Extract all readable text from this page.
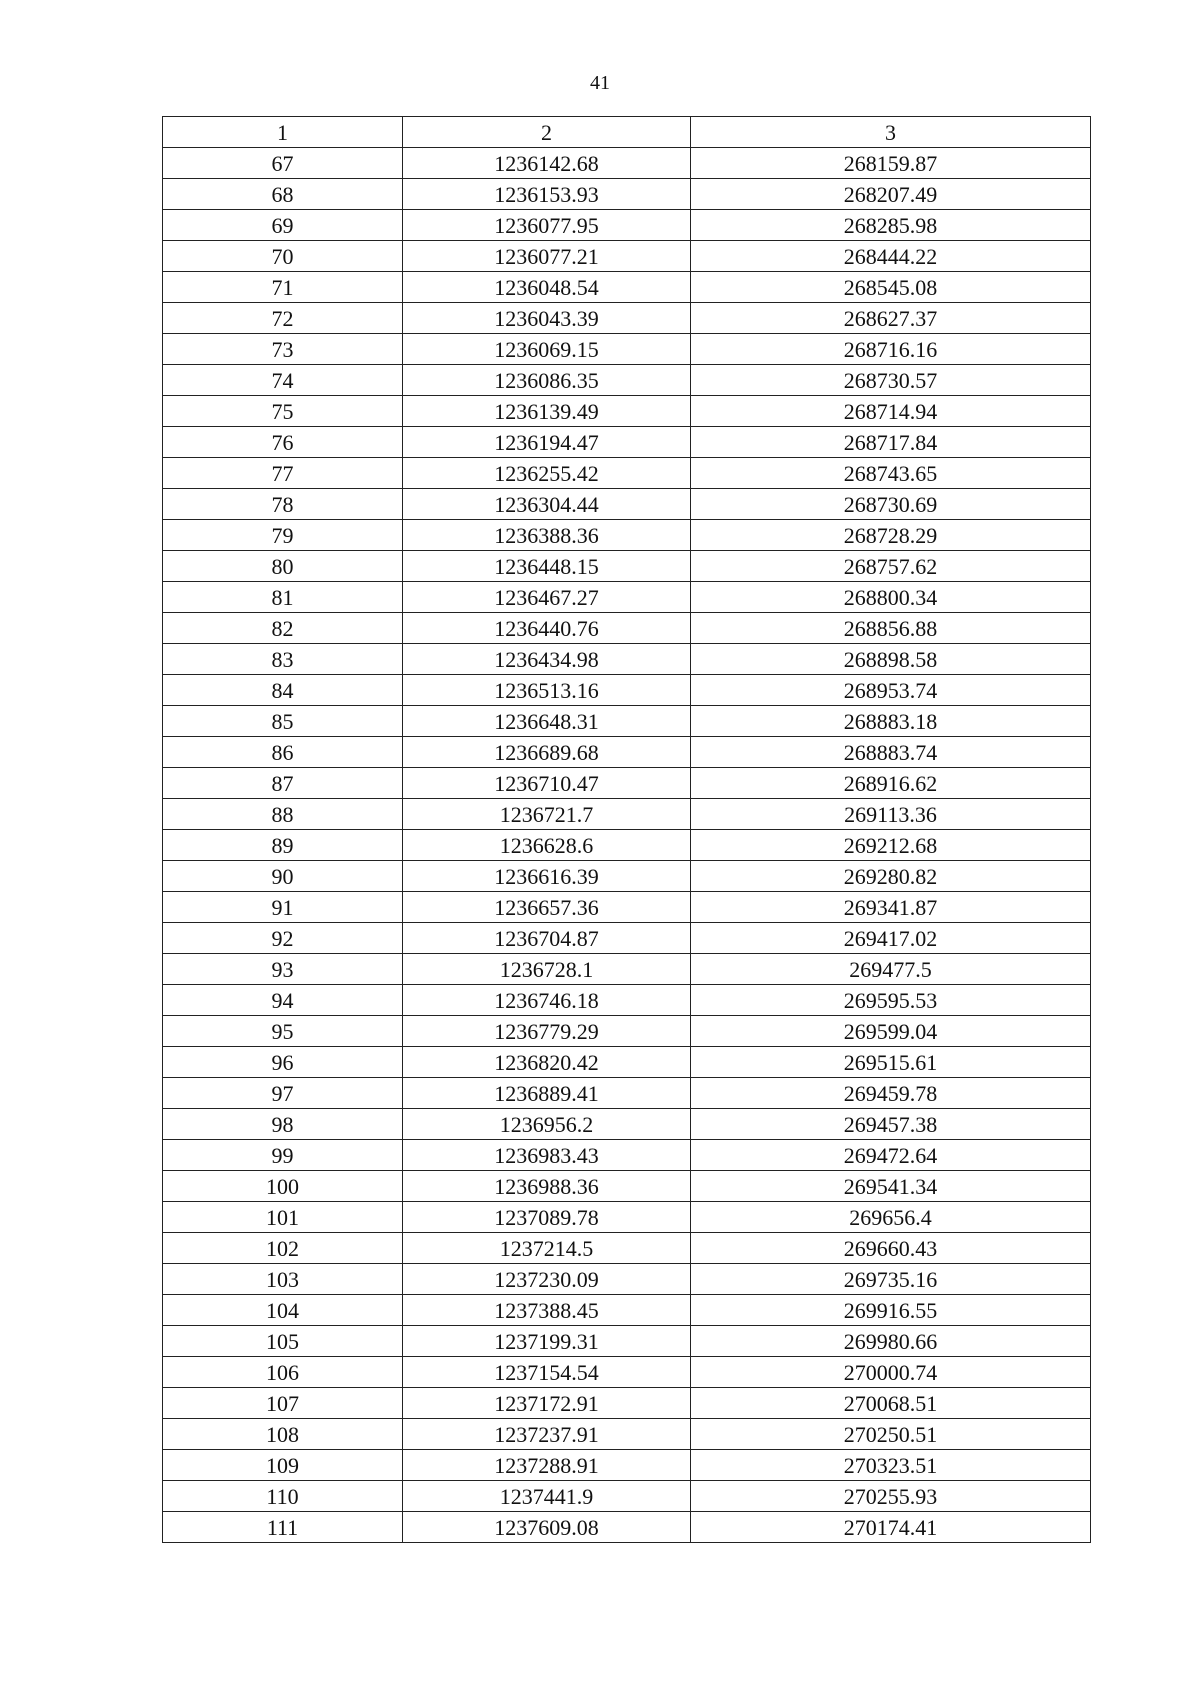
41
1	2	3
67	1236142.68	268159.87
68	1236153.93	268207.49
69	1236077.95	268285.98
70	1236077.21	268444.22
71	1236048.54	268545.08
72	1236043.39	268627.37
73	1236069.15	268716.16
74	1236086.35	268730.57
75	1236139.49	268714.94
76	1236194.47	268717.84
77	1236255.42	268743.65
78	1236304.44	268730.69
79	1236388.36	268728.29
80	1236448.15	268757.62
81	1236467.27	268800.34
82	1236440.76	268856.88
83	1236434.98	268898.58
84	1236513.16	268953.74
85	1236648.31	268883.18
86	1236689.68	268883.74
87	1236710.47	268916.62
88	1236721.7	269113.36
89	1236628.6	269212.68
90	1236616.39	269280.82
91	1236657.36	269341.87
92	1236704.87	269417.02
93	1236728.1	269477.5
94	1236746.18	269595.53
95	1236779.29	269599.04
96	1236820.42	269515.61
97	1236889.41	269459.78
98	1236956.2	269457.38
99	1236983.43	269472.64
100	1236988.36	269541.34
101	1237089.78	269656.4
102	1237214.5	269660.43
103	1237230.09	269735.16
104	1237388.45	269916.55
105	1237199.31	269980.66
106	1237154.54	270000.74
107	1237172.91	270068.51
108	1237237.91	270250.51
109	1237288.91	270323.51
110	1237441.9	270255.93
111	1237609.08	270174.41
